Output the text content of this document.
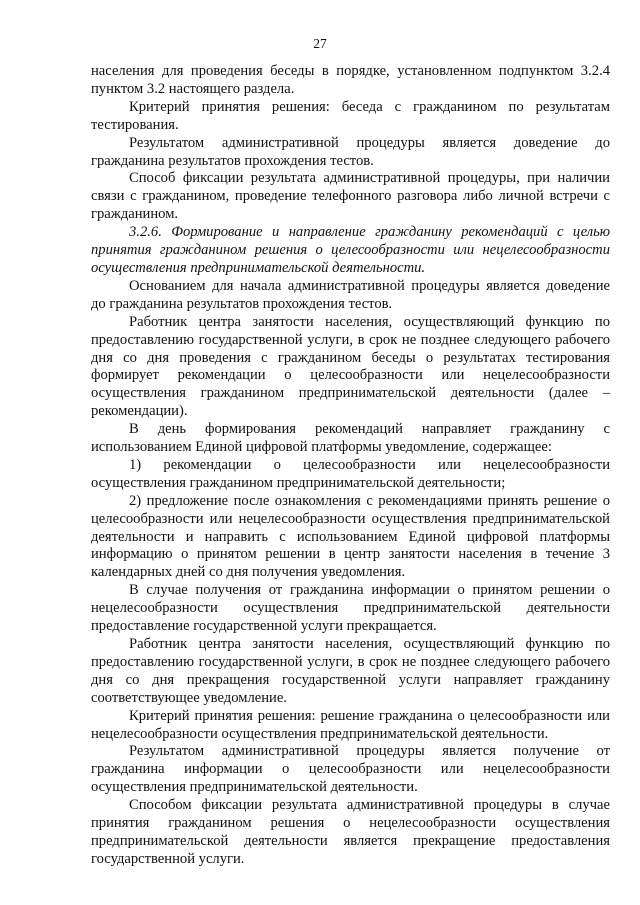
27

населения для проведения беседы в порядке, установленном подпунктом 3.2.4 пунктом 3.2 настоящего раздела.

Критерий принятия решения: беседа с гражданином по результатам тестирования.

Результатом административной процедуры является доведение до гражданина результатов прохождения тестов.

Способ фиксации результата административной процедуры, при наличии связи с гражданином, проведение телефонного разговора либо личной встречи с гражданином.

3.2.6. Формирование и направление гражданину рекомендаций с целью принятия гражданином решения о целесообразности или нецелесообразности осуществления предпринимательской деятельности.

Основанием для начала административной процедуры является доведение до гражданина результатов прохождения тестов.

Работник центра занятости населения, осуществляющий функцию по предоставлению государственной услуги, в срок не позднее следующего рабочего дня со дня проведения с гражданином беседы о результатах тестирования формирует рекомендации о целесообразности или нецелесообразности осуществления гражданином предпринимательской деятельности (далее – рекомендации).

В день формирования рекомендаций направляет гражданину с использованием Единой цифровой платформы уведомление, содержащее:

1) рекомендации о целесообразности или нецелесообразности осуществления гражданином предпринимательской деятельности;

2) предложение после ознакомления с рекомендациями принять решение о целесообразности или нецелесообразности осуществления предпринимательской деятельности и направить с использованием Единой цифровой платформы информацию о принятом решении в центр занятости населения в течение 3 календарных дней со дня получения уведомления.

В случае получения от гражданина информации о принятом решении о нецелесообразности осуществления предпринимательской деятельности предоставление государственной услуги прекращается.

Работник центра занятости населения, осуществляющий функцию по предоставлению государственной услуги, в срок не позднее следующего рабочего дня со дня прекращения государственной услуги направляет гражданину соответствующее уведомление.

Критерий принятия решения: решение гражданина о целесообразности или нецелесообразности осуществления предпринимательской деятельности.

Результатом административной процедуры является получение от гражданина информации о целесообразности или нецелесообразности осуществления предпринимательской деятельности.

Способом фиксации результата административной процедуры в случае принятия гражданином решения о нецелесообразности осуществления предпринимательской деятельности является прекращение предоставления государственной услуги.
